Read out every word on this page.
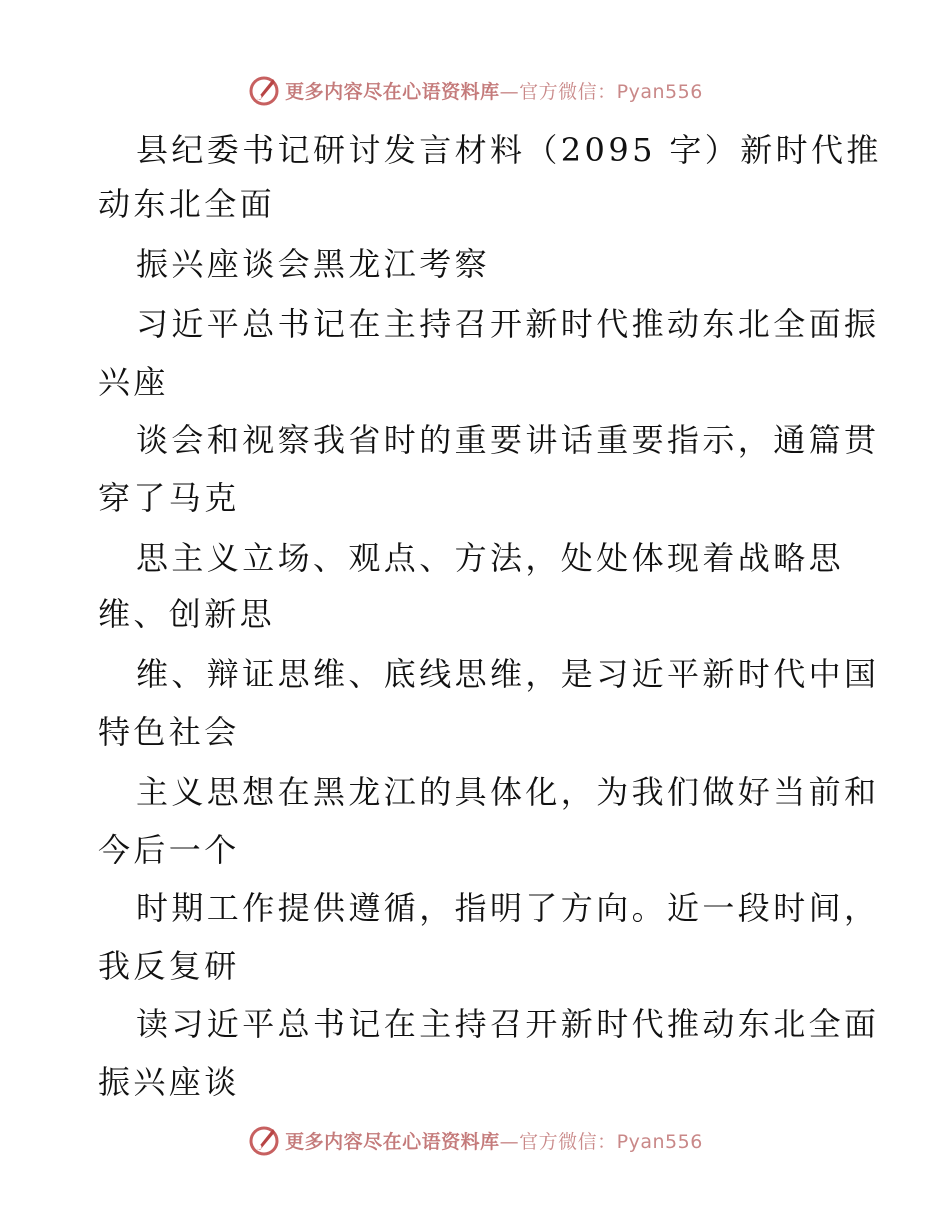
更多内容尽在心语资料库—官方微信：Pyan556
县纪委书记研讨发言材料（2095 字）新时代推
动东北全面
振兴座谈会黑龙江考察
习近平总书记在主持召开新时代推动东北全面振
兴座
谈会和视察我省时的重要讲话重要指示，通篇贯
穿了马克
思主义立场、观点、方法，处处体现着战略思
维、创新思
维、辩证思维、底线思维，是习近平新时代中国
特色社会
主义思想在黑龙江的具体化，为我们做好当前和
今后一个
时期工作提供遵循，指明了方向。近一段时间，
我反复研
读习近平总书记在主持召开新时代推动东北全面
振兴座谈
更多内容尽在心语资料库—官方微信：Pyan556
